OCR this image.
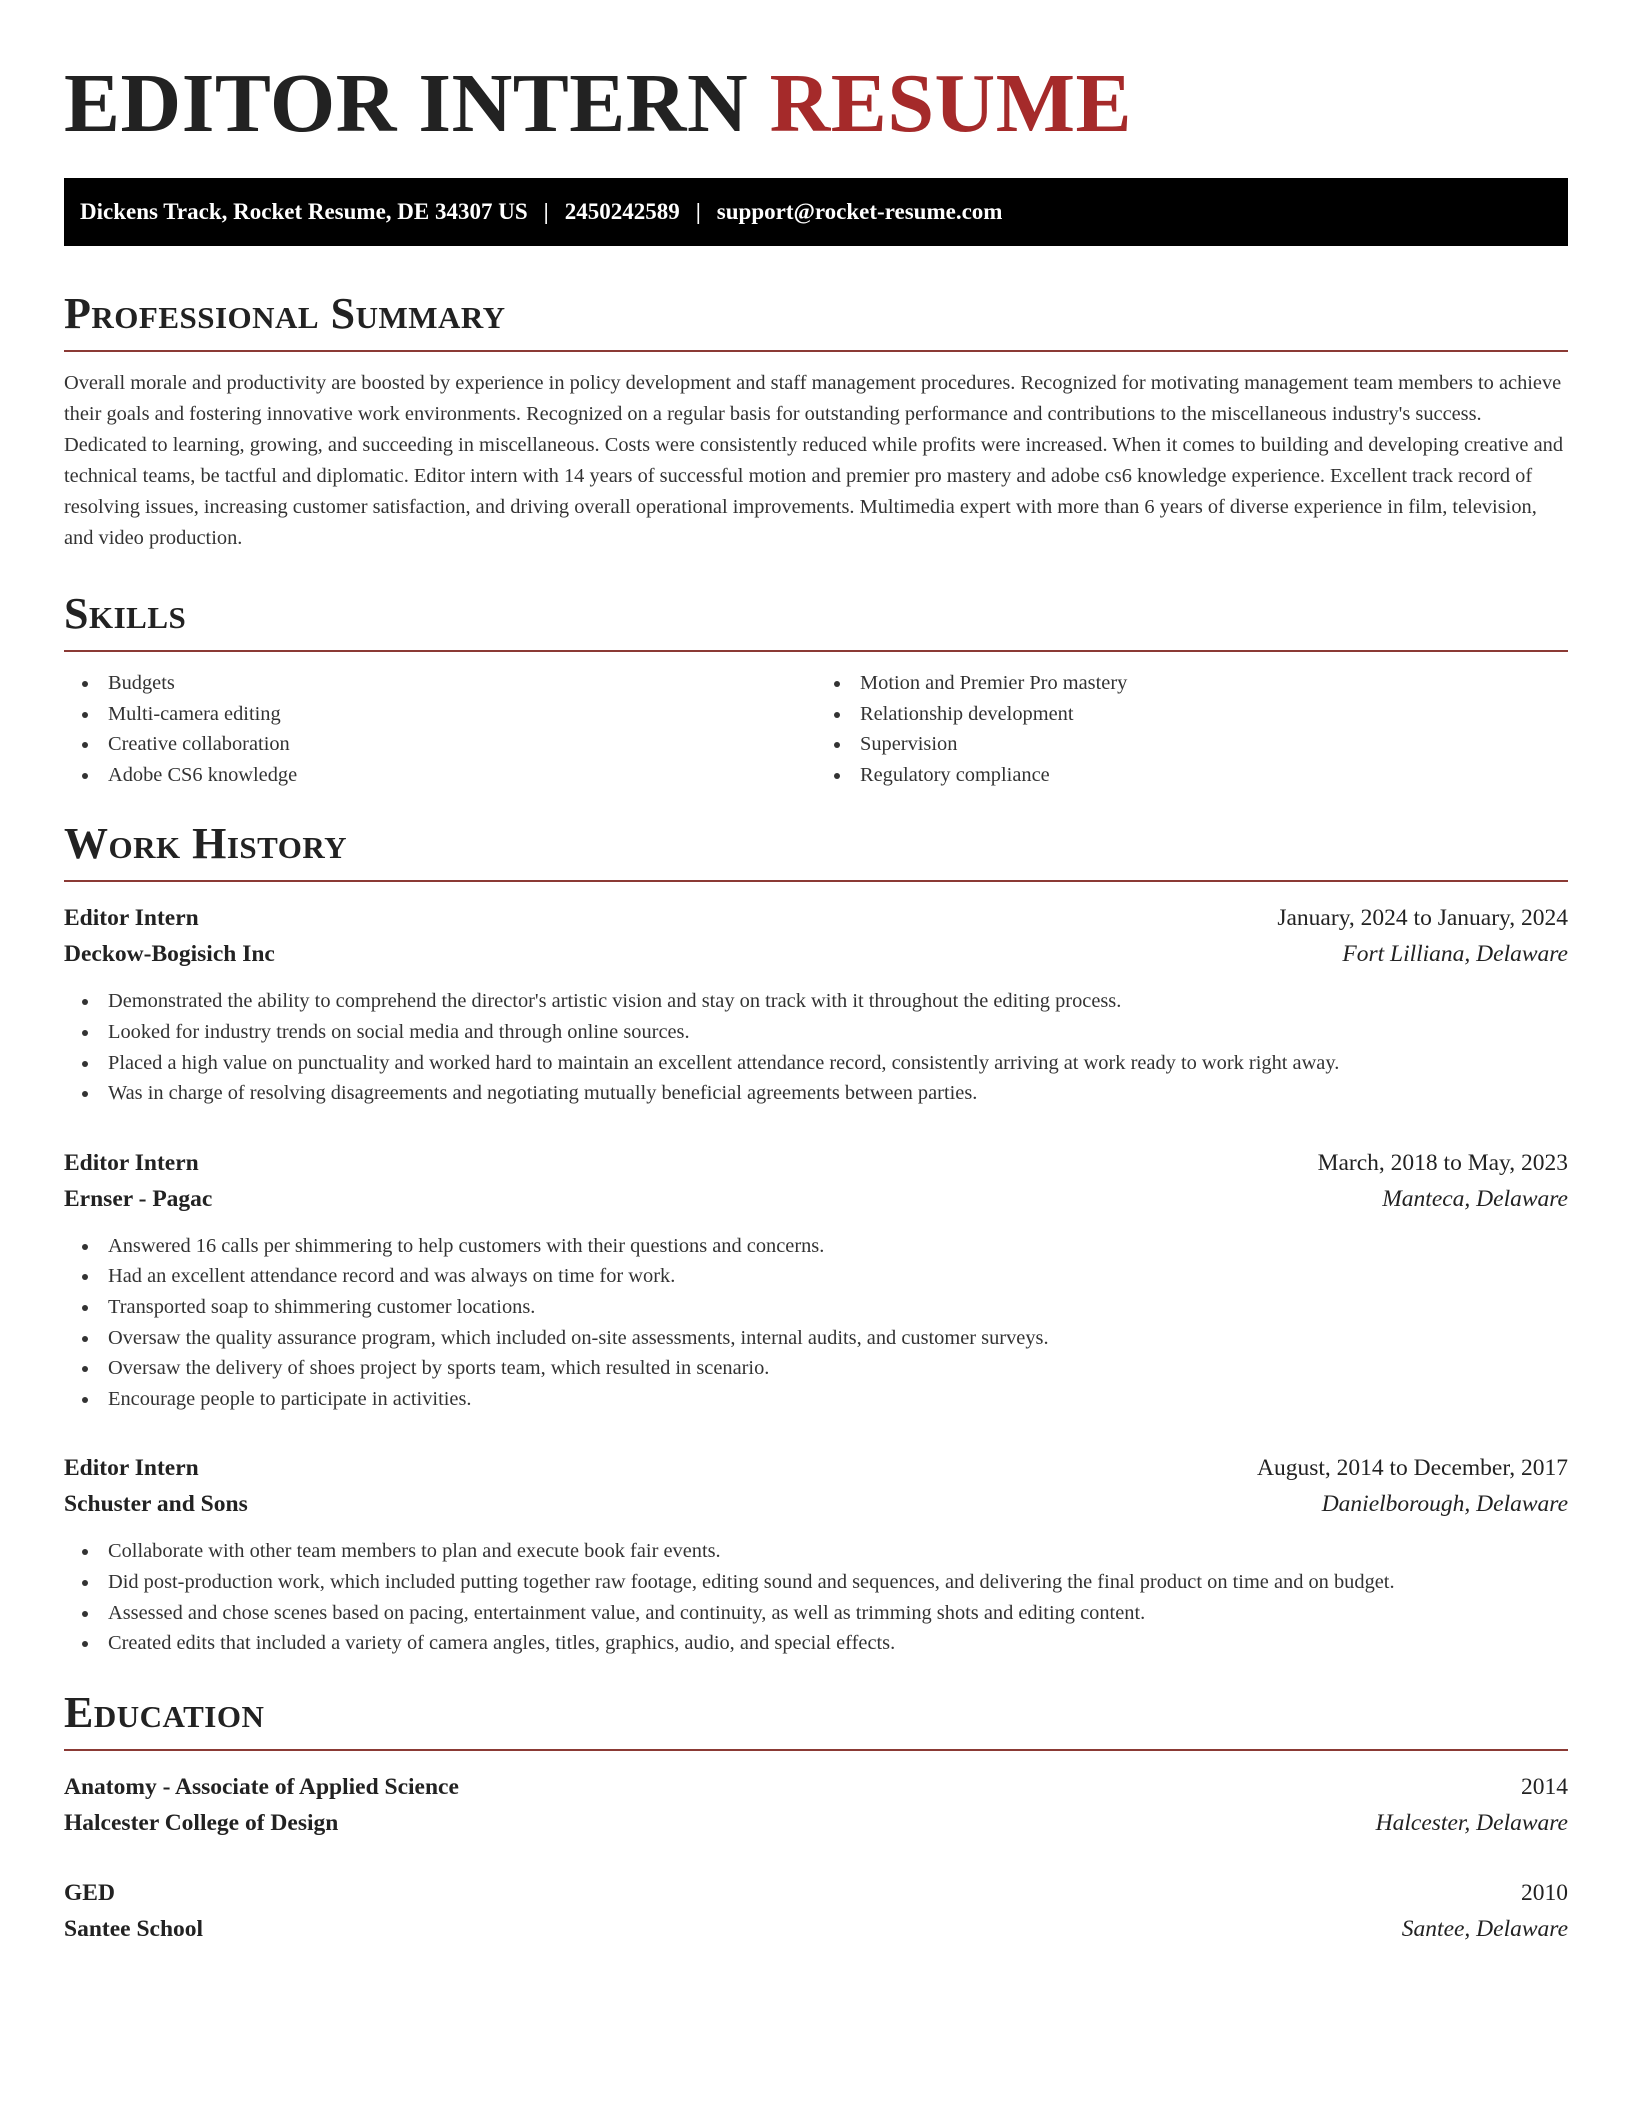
EDITOR INTERN RESUME
Dickens Track, Rocket Resume, DE 34307 US | 2450242589 | support@rocket-resume.com
Professional Summary

Overall morale and productivity are boosted by experience in policy development and staff management procedures. Recognized for motivating management team members to achieve their goals and fostering innovative work environments. Recognized on a regular basis for outstanding performance and contributions to the miscellaneous industry's success. Dedicated to learning, growing, and succeeding in miscellaneous. Costs were consistently reduced while profits were increased. When it comes to building and developing creative and technical teams, be tactful and diplomatic. Editor intern with 14 years of successful motion and premier pro mastery and adobe cs6 knowledge experience. Excellent track record of resolving issues, increasing customer satisfaction, and driving overall operational improvements. Multimedia expert with more than 6 years of diverse experience in film, television, and video production.

Skills
Budgets
Multi-camera editing
Creative collaboration
Adobe CS6 knowledge
Motion and Premier Pro mastery
Relationship development
Supervision
Regulatory compliance
Work History
Editor Intern	January, 2024 to January, 2024
Deckow-Bogisich Inc	Fort Lilliana, Delaware
Demonstrated the ability to comprehend the director's artistic vision and stay on track with it throughout the editing process.
Looked for industry trends on social media and through online sources.
Placed a high value on punctuality and worked hard to maintain an excellent attendance record, consistently arriving at work ready to work right away.
Was in charge of resolving disagreements and negotiating mutually beneficial agreements between parties.
Editor Intern	March, 2018 to May, 2023
Ernser - Pagac	Manteca, Delaware
Answered 16 calls per shimmering to help customers with their questions and concerns.
Had an excellent attendance record and was always on time for work.
Transported soap to shimmering customer locations.
Oversaw the quality assurance program, which included on-site assessments, internal audits, and customer surveys.
Oversaw the delivery of shoes project by sports team, which resulted in scenario.
Encourage people to participate in activities.
Editor Intern	August, 2014 to December, 2017
Schuster and Sons	Danielborough, Delaware
Collaborate with other team members to plan and execute book fair events.
Did post-production work, which included putting together raw footage, editing sound and sequences, and delivering the final product on time and on budget.
Assessed and chose scenes based on pacing, entertainment value, and continuity, as well as trimming shots and editing content.
Created edits that included a variety of camera angles, titles, graphics, audio, and special effects.
Education
Anatomy - Associate of Applied Science	2014
Halcester College of Design	Halcester, Delaware
GED	2010
Santee School	Santee, Delaware
